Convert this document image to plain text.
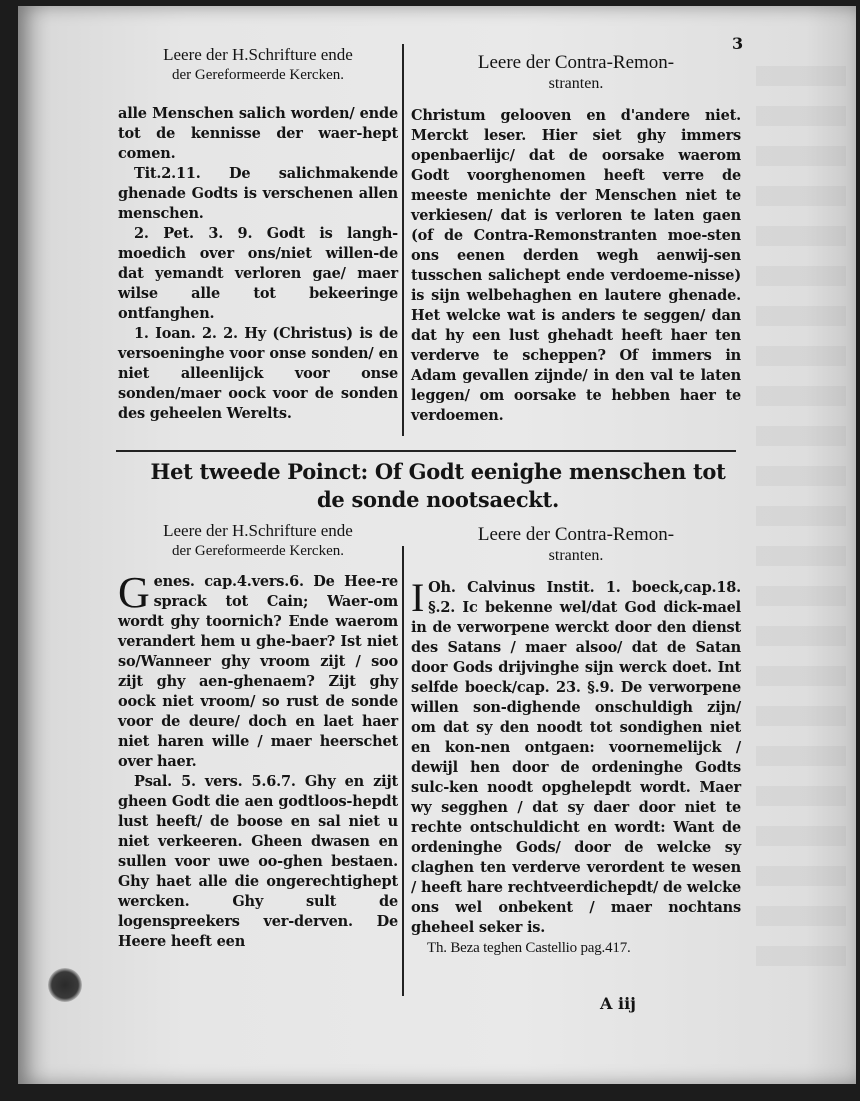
3

Leere der H.Schrifture ende

der Gereformeerde Kercken.

alle Menschen salich worden/ ende tot de kennisse der waer-hept comen.

Tit.2.11. De salichmakende ghenade Godts is verschenen allen menschen.

2. Pet. 3. 9. Godt is langh-moedich over ons/niet willen-de dat yemandt verloren gae/ maer wilse alle tot bekeeringe ontfanghen.

1. Ioan. 2. 2. Hy (Christus) is de versoeninghe voor onse sonden/ en niet alleenlijck voor onse sonden/maer oock voor de sonden des geheelen Werelts.

Leere der Contra-Remon-

stranten.

Christum gelooven en d'andere niet. Merckt leser. Hier siet ghy immers openbaerlijc/ dat de oorsake waerom Godt voorghenomen heeft verre de meeste menichte der Menschen niet te verkiesen/ dat is verloren te laten gaen (of de Contra-Remonstranten moe-sten ons eenen derden wegh aenwij-sen tusschen salichept ende verdoeme-nisse) is sijn welbehaghen en lautere ghenade. Het welcke wat is anders te seggen/ dan dat hy een lust ghehadt heeft haer ten verderve te scheppen? Of immers in Adam gevallen zijnde/ in den val te laten leggen/ om oorsake te hebben haer te verdoemen.

Het tweede Poinct: Of Godt eenighe menschen tot
de sonde nootsaeckt.

Leere der H.Schrifture ende

der Gereformeerde Kercken.

Genes. cap.4.vers.6. De Hee-re sprack tot Cain; Waer-om wordt ghy toornich? Ende waerom verandert hem u ghe-baer? Ist niet so/Wanneer ghy vroom zijt / soo zijt ghy aen-ghenaem? Zijt ghy oock niet vroom/ so rust de sonde voor de deure/ doch en laet haer niet haren wille / maer heerschet over haer.

Psal. 5. vers. 5.6.7. Ghy en zijt gheen Godt die aen godtloos-hepdt lust heeft/ de boose en sal niet u niet verkeeren. Gheen dwasen en sullen voor uwe oo-ghen bestaen. Ghy haet alle die ongerechtighept wercken. Ghy sult de logenspreekers ver-derven. De Heere heeft een

Leere der Contra-Remon-

stranten.

I Oh. Calvinus Instit. 1. boeck,cap.18. §.2. Ic bekenne wel/dat God dick-mael in de verworpene werckt door den dienst des Satans / maer alsoo/ dat de Satan door Gods drijvinghe sijn werck doet. Int selfde boeck/cap. 23. §.9. De verworpene willen son-dighende onschuldigh zijn/ om dat sy den noodt tot sondighen niet en kon-nen ontgaen: voornemelijck / dewijl hen door de ordeninghe Godts sulc-ken noodt opghelepdt wordt. Maer wy segghen / dat sy daer door niet te rechte ontschuldicht en wordt: Want de ordeninghe Gods/ door de welcke sy claghen ten verderve verordent te wesen / heeft hare rechtveerdichepdt/ de welcke ons wel onbekent / maer nochtans gheheel seker is.

Th. Beza teghen Castellio pag.417.

A iij
